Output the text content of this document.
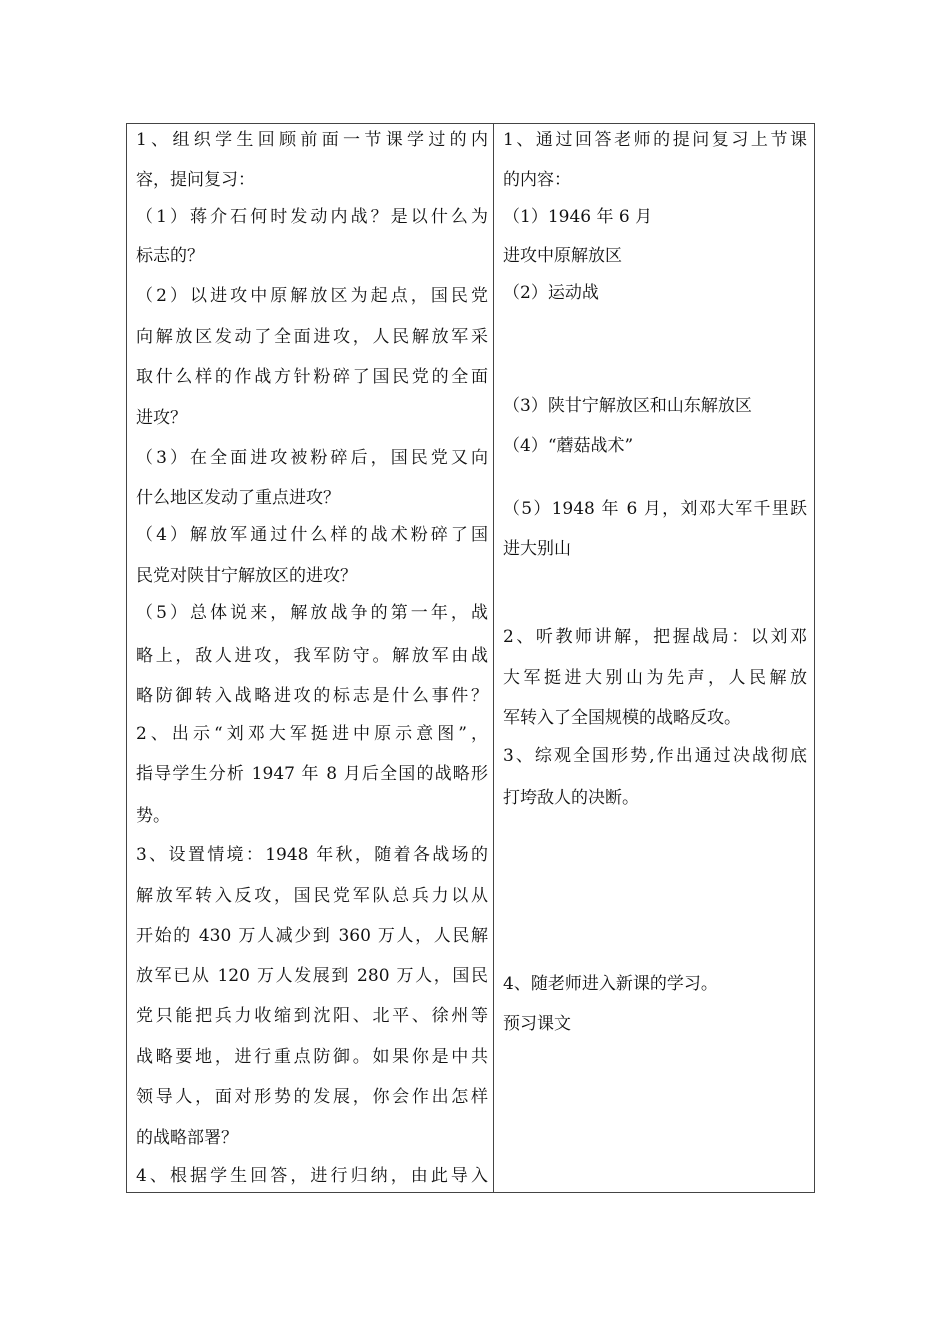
1、组织学生回顾前面一节课学过的内
容，提问复习：
（1）蒋介石何时发动内战？是以什么为
标志的？
（2）以进攻中原解放区为起点，国民党
向解放区发动了全面进攻，人民解放军采
取什么样的作战方针粉碎了国民党的全面
进攻？
（3）在全面进攻被粉碎后，国民党又向
什么地区发动了重点进攻？
（4）解放军通过什么样的战术粉碎了国
民党对陕甘宁解放区的进攻？
（5）总体说来，解放战争的第一年，战
略上，敌人进攻，我军防守。解放军由战
略防御转入战略进攻的标志是什么事件？
2、出示“刘邓大军挺进中原示意图”，
指导学生分析 1947 年 8 月后全国的战略形
势。
3、设置情境：1948 年秋，随着各战场的
解放军转入反攻，国民党军队总兵力以从
开始的 430 万人减少到 360 万人，人民解
放军已从 120 万人发展到 280 万人，国民
党只能把兵力收缩到沈阳、北平、徐州等
战略要地，进行重点防御。如果你是中共
领导人，面对形势的发展，你会作出怎样
的战略部署？
4、根据学生回答，进行归纳，由此导入
1、通过回答老师的提问复习上节课
的内容：
（1）1946 年 6 月
进攻中原解放区
（2）运动战
（3）陕甘宁解放区和山东解放区
（4）“蘑菇战术”
（5）1948 年 6 月，刘邓大军千里跃
进大别山
2、听教师讲解，把握战局：以刘邓
大军挺进大别山为先声，人民解放
军转入了全国规模的战略反攻。
3、综观全国形势,作出通过决战彻底
打垮敌人的决断。
4、随老师进入新课的学习。
预习课文
